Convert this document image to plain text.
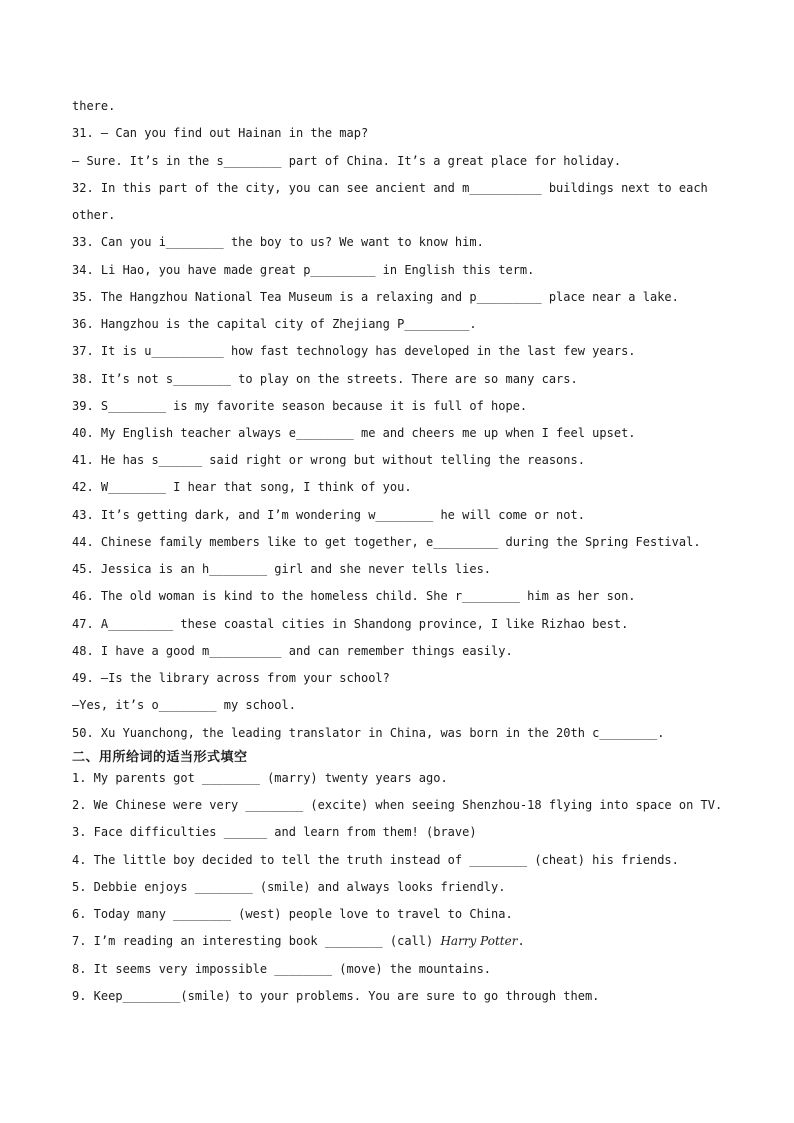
there.
31. — Can you find out Hainan in the map?
— Sure. It’s in the s________ part of China. It’s a great place for holiday.
32. In this part of the city, you can see ancient and m__________ buildings next to each
other.
33. Can you i________ the boy to us? We want to know him.
34. Li Hao, you have made great p_________ in English this term.
35. The Hangzhou National Tea Museum is a relaxing and p_________ place near a lake.
36. Hangzhou is the capital city of Zhejiang P_________.
37. It is u__________ how fast technology has developed in the last few years.
38. It’s not s________ to play on the streets. There are so many cars.
39. S________ is my favorite season because it is full of hope.
40. My English teacher always e________ me and cheers me up when I feel upset.
41. He has s______ said right or wrong but without telling the reasons.
42. W________ I hear that song, I think of you.
43. It’s getting dark, and I’m wondering w________ he will come or not.
44. Chinese family members like to get together, e_________ during the Spring Festival.
45. Jessica is an h________ girl and she never tells lies.
46. The old woman is kind to the homeless child. She r________ him as her son.
47. A_________ these coastal cities in Shandong province, I like Rizhao best.
48. I have a good m__________ and can remember things easily.
49. —Is the library across from your school?
—Yes, it’s o________ my school.
50. Xu Yuanchong, the leading translator in China, was born in the 20th c________.
二、用所给词的适当形式填空
1. My parents got ________ (marry) twenty years ago.
2. We Chinese were very ________ (excite) when seeing Shenzhou-18 flying into space on TV.
3. Face difficulties ______ and learn from them! (brave)
4. The little boy decided to tell the truth instead of ________ (cheat) his friends.
5. Debbie enjoys ________ (smile) and always looks friendly.
6. Today many ________ (west) people love to travel to China.
7. I’m reading an interesting book ________ (call) Harry Potter.
8. It seems very impossible ________ (move) the mountains.
9. Keep________(smile) to your problems. You are sure to go through them.
